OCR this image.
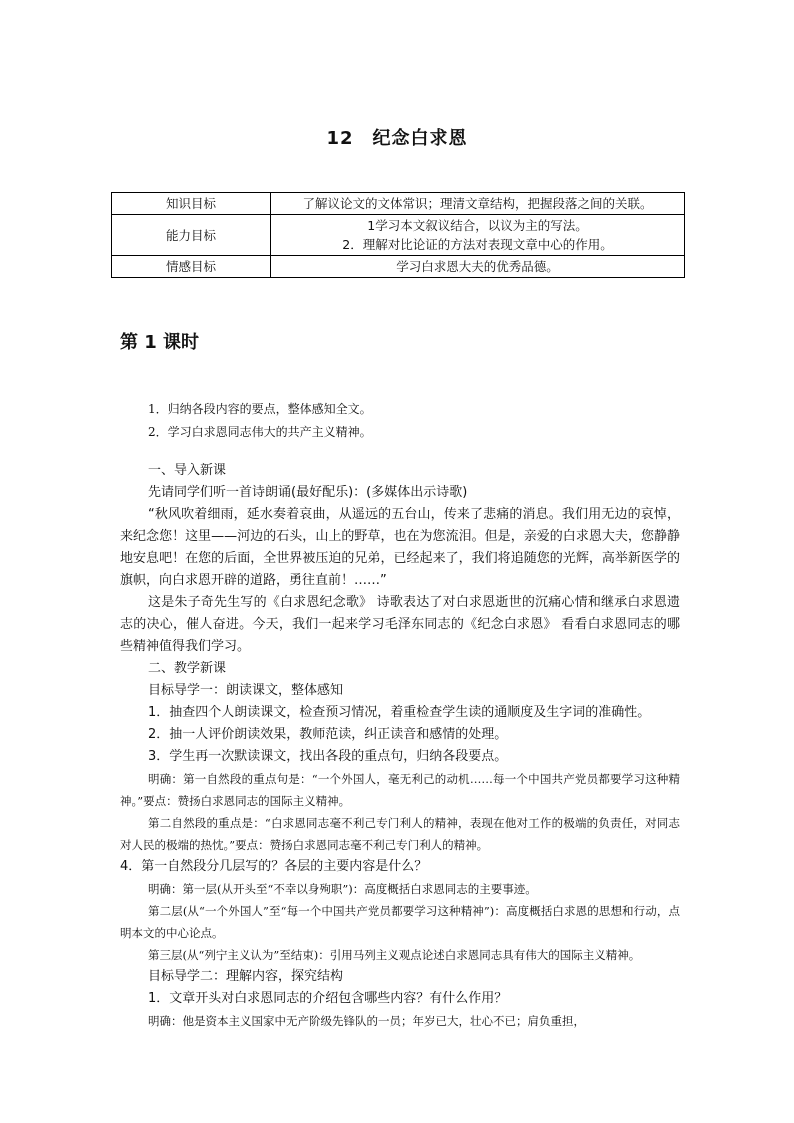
12　纪念白求恩
知识目标	了解议论文的文体常识；理清文章结构，把握段落之间的关联。
能力目标	1学习本文叙议结合，以议为主的写法。
2．理解对比论证的方法对表现文章中心的作用。

情感目标	学习白求恩大夫的优秀品德。
第 1 课时
1．归纳各段内容的要点，整体感知全文。
2．学习白求恩同志伟大的共产主义精神。

一、导入新课

先请同学们听一首诗朗诵(最好配乐)：(多媒体出示诗歌)

“秋风吹着细雨，延水奏着哀曲，从遥远的五台山，传来了悲痛的消息。我们用无边的哀悼，来纪念您！这里——河边的石头，山上的野草，也在为您流泪。但是，亲爱的白求恩大夫，您静静地安息吧！在您的后面，全世界被压迫的兄弟，已经起来了，我们将追随您的光辉，高举新医学的旗帜，向白求恩开辟的道路，勇往直前！……”

这是朱子奇先生写的《白求恩纪念歌》 诗歌表达了对白求恩逝世的沉痛心情和继承白求恩遗志的决心，催人奋进。今天，我们一起来学习毛泽东同志的《纪念白求恩》 看看白求恩同志的哪些精神值得我们学习。

二、教学新课

目标导学一：朗读课文，整体感知

1．抽查四个人朗读课文，检查预习情况，着重检查学生读的通顺度及生字词的准确性。

2．抽一人评价朗读效果，教师范读，纠正读音和感情的处理。

3．学生再一次默读课文，找出各段的重点句，归纳各段要点。

明确：第一自然段的重点句是：“一个外国人，毫无利己的动机……每一个中国共产党员都要学习这种精神。”要点：赞扬白求恩同志的国际主义精神。

第二自然段的重点是：“白求恩同志毫不利己专门利人的精神，表现在他对工作的极端的负责任，对同志对人民的极端的热忱。”要点：赞扬白求恩同志毫不利己专门利人的精神。

4．第一自然段分几层写的？各层的主要内容是什么？

明确：第一层(从开头至“不幸以身殉职”)：高度概括白求恩同志的主要事迹。

第二层(从“一个外国人”至“每一个中国共产党员都要学习这种精神”)：高度概括白求恩的思想和行动，点明本文的中心论点。

第三层(从“列宁主义认为”至结束)：引用马列主义观点论述白求恩同志具有伟大的国际主义精神。

目标导学二：理解内容，探究结构

1．文章开头对白求恩同志的介绍包含哪些内容？有什么作用？

明确：他是资本主义国家中无产阶级先锋队的一员；年岁已大，壮心不已；肩负重担，
